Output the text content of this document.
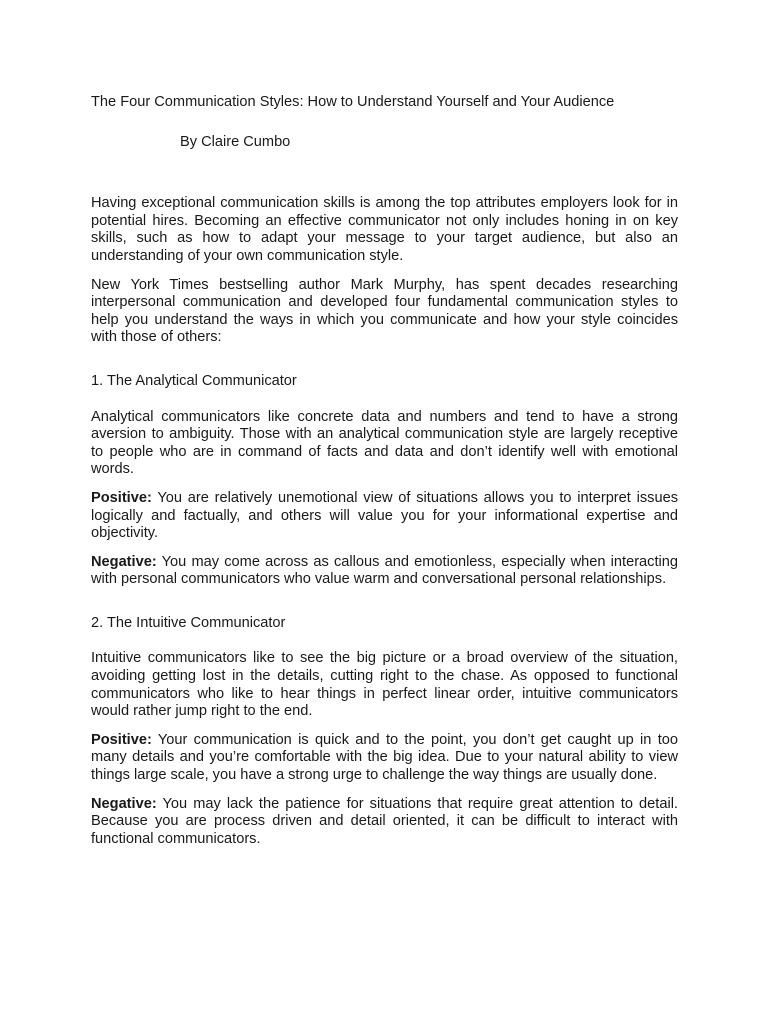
The Four Communication Styles: How to Understand Yourself and Your Audience

By Claire Cumbo

Having exceptional communication skills is among the top attributes employers look for in potential hires. Becoming an effective communicator not only includes honing in on key skills, such as how to adapt your message to your target audience, but also an understanding of your own communication style.

New York Times bestselling author Mark Murphy, has spent decades researching interpersonal communication and developed four fundamental communication styles to help you understand the ways in which you communicate and how your style coincides with those of others:

1. The Analytical Communicator

Analytical communicators like concrete data and numbers and tend to have a strong aversion to ambiguity. Those with an analytical communication style are largely receptive to people who are in command of facts and data and don’t identify well with emotional words.

Positive: You are relatively unemotional view of situations allows you to interpret issues logically and factually, and others will value you for your informational expertise and objectivity.

Negative: You may come across as callous and emotionless, especially when interacting with personal communicators who value warm and conversational personal relationships.

2. The Intuitive Communicator

Intuitive communicators like to see the big picture or a broad overview of the situation, avoiding getting lost in the details, cutting right to the chase. As opposed to functional communicators who like to hear things in perfect linear order, intuitive communicators would rather jump right to the end.

Positive: Your communication is quick and to the point, you don’t get caught up in too many details and you’re comfortable with the big idea. Due to your natural ability to view things large scale, you have a strong urge to challenge the way things are usually done.

Negative: You may lack the patience for situations that require great attention to detail. Because you are process driven and detail oriented, it can be difficult to interact with functional communicators.
